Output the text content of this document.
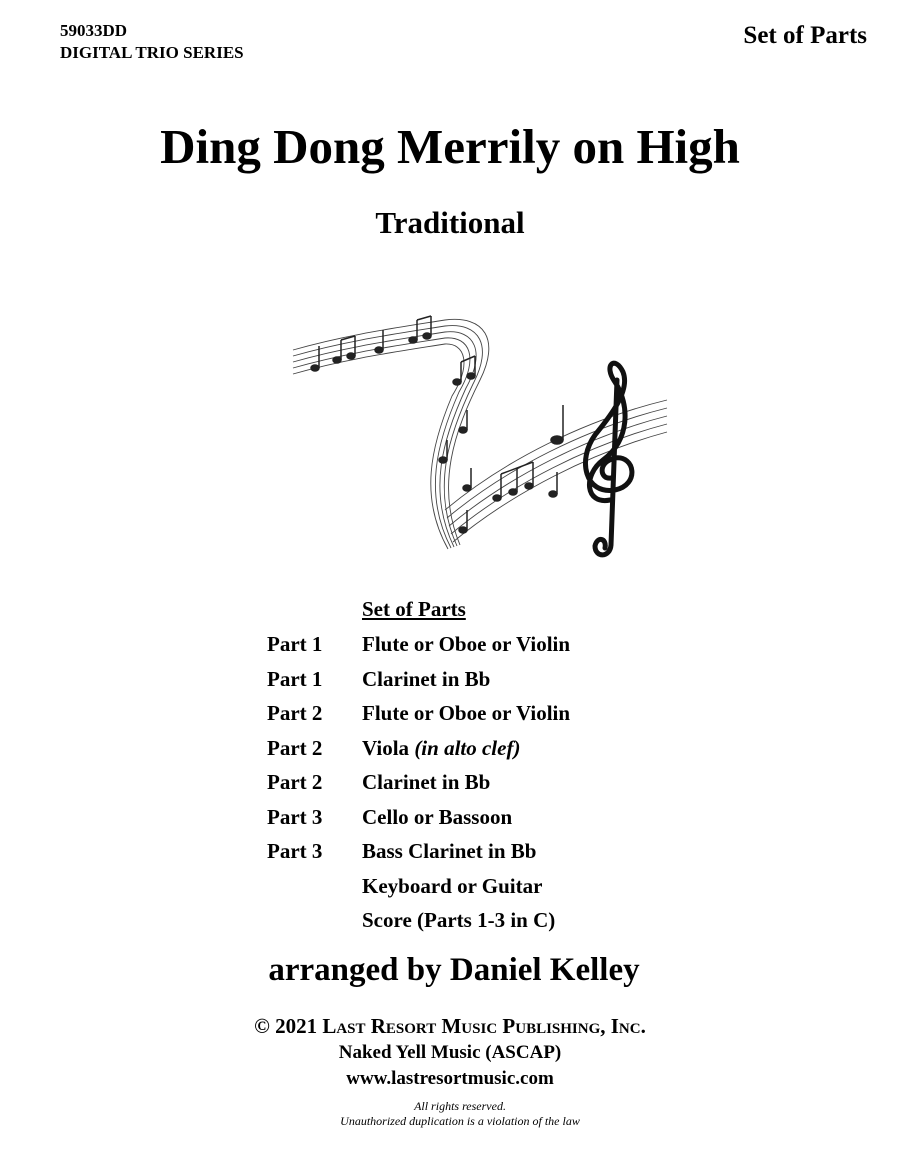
59033DD
DIGITAL TRIO SERIES
Set of Parts
Ding Dong Merrily on High
Traditional
Set of Parts
Part 1 Flute or Oboe or Violin
Part 1 Clarinet in Bb
Part 2 Flute or Oboe or Violin
Part 2 Viola (in alto clef)
Part 2 Clarinet in Bb
Part 3 Cello or Bassoon
Part 3 Bass Clarinet in Bb
Keyboard or Guitar
Score (Parts 1-3 in C)
arranged by Daniel Kelley
© 2021 Last Resort Music Publishing, Inc.
Naked Yell Music (ASCAP)
www.lastresortmusic.com
All rights reserved.
Unauthorized duplication is a violation of the law
